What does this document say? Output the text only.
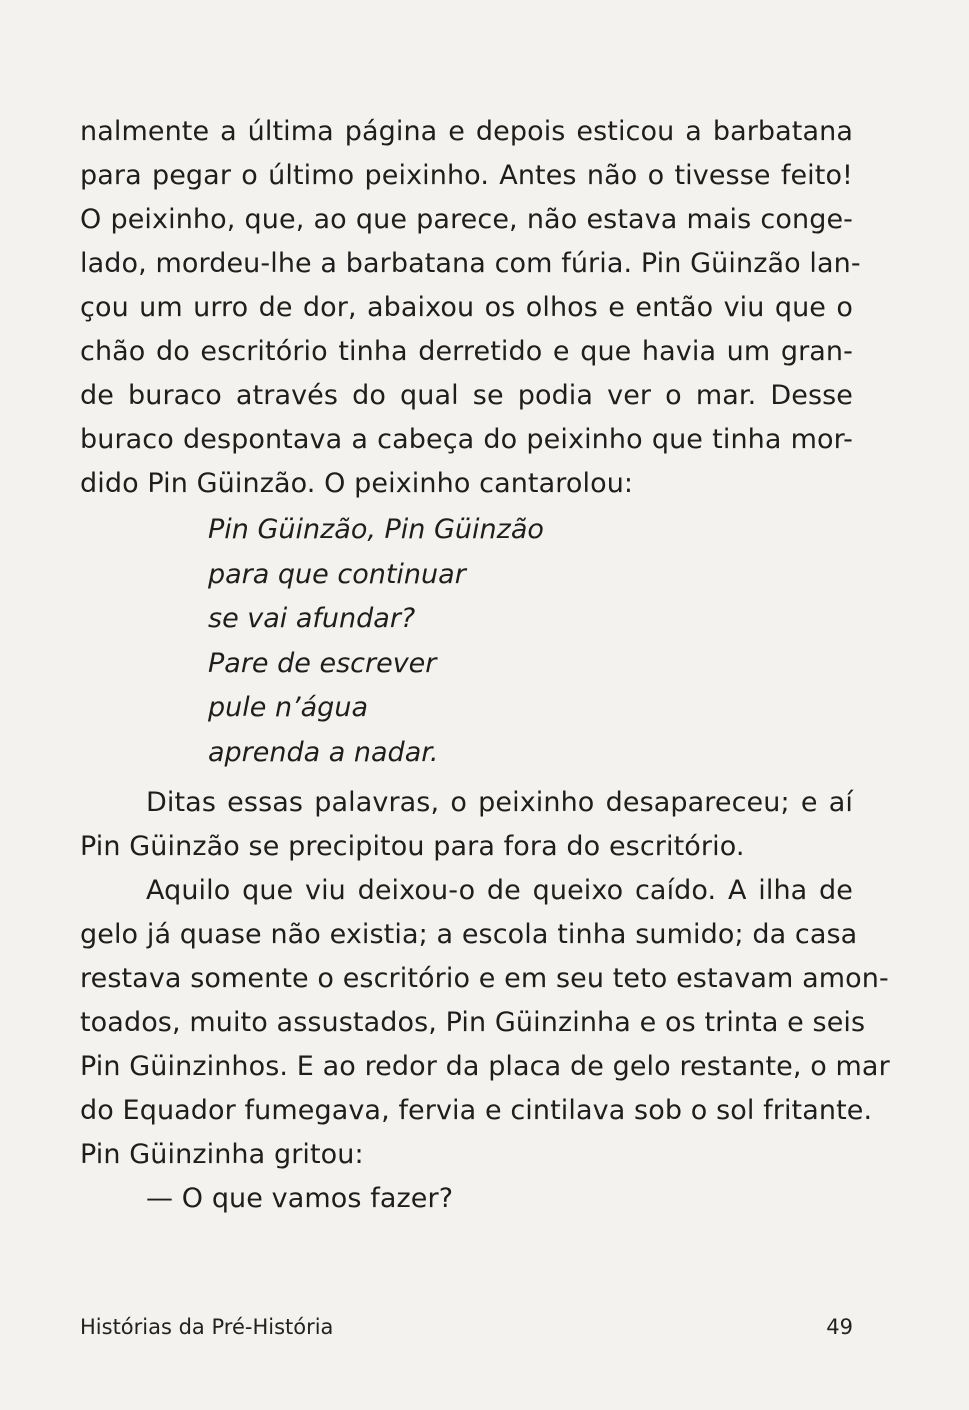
nalmente a última página e depois esticou a barbatana
para pegar o último peixinho. Antes não o tivesse feito!
O peixinho, que, ao que parece, não estava mais conge-
lado, mordeu-lhe a barbatana com fúria. Pin Güinzão lan-
çou um urro de dor, abaixou os olhos e então viu que o
chão do escritório tinha derretido e que havia um gran-
de buraco através do qual se podia ver o mar. Desse
buraco despontava a cabeça do peixinho que tinha mor-
dido Pin Güinzão. O peixinho cantarolou:
Pin Güinzão, Pin Güinzão
para que continuar
se vai afundar?
Pare de escrever
pule n’água
aprenda a nadar.
Ditas essas palavras, o peixinho desapareceu; e aí
Pin Güinzão se precipitou para fora do escritório.
Aquilo que viu deixou-o de queixo caído. A ilha de
gelo já quase não existia; a escola tinha sumido; da casa
restava somente o escritório e em seu teto estavam amon-
toados, muito assustados, Pin Güinzinha e os trinta e seis
Pin Güinzinhos. E ao redor da placa de gelo restante, o mar
do Equador fumegava, fervia e cintilava sob o sol fritante.
Pin Güinzinha gritou:
— O que vamos fazer?
Histórias da Pré-História	49
